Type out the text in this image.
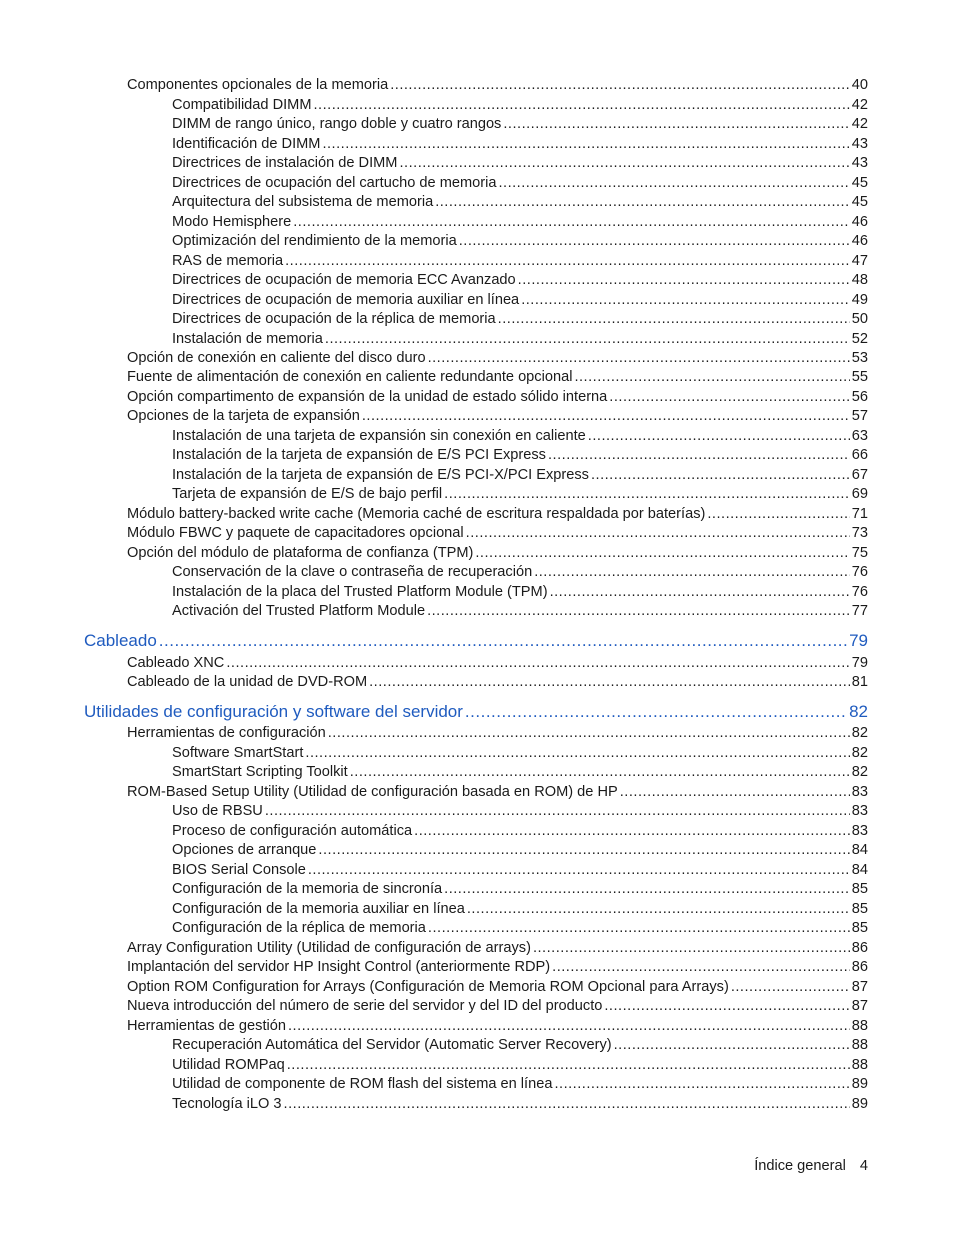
Componentes opcionales de la memoria .....	40
Compatibilidad DIMM .....	42
DIMM de rango único, rango doble y cuatro rangos .....	42
Identificación de DIMM .....	43
Directrices de instalación de DIMM .....	43
Directrices de ocupación del cartucho de memoria .....	45
Arquitectura del subsistema de memoria .....	45
Modo Hemisphere .....	46
Optimización del rendimiento de la memoria .....	46
RAS de memoria .....	47
Directrices de ocupación de memoria ECC Avanzado .....	48
Directrices de ocupación de memoria auxiliar en línea .....	49
Directrices de ocupación de la réplica de memoria .....	50
Instalación de memoria .....	52
Opción de conexión en caliente del disco duro .....	53
Fuente de alimentación de conexión en caliente redundante opcional .....	55
Opción compartimento de expansión de la unidad de estado sólido interna .....	56
Opciones de la tarjeta de expansión .....	57
Instalación de una tarjeta de expansión sin conexión en caliente .....	63
Instalación de la tarjeta de expansión de E/S PCI Express .....	66
Instalación de la tarjeta de expansión de E/S PCI-X/PCI Express .....	67
Tarjeta de expansión de E/S de bajo perfil .....	69
Módulo battery-backed write cache (Memoria caché de escritura respaldada por baterías) .....	71
Módulo FBWC y paquete de capacitadores opcional .....	73
Opción del módulo de plataforma de confianza (TPM) .....	75
Conservación de la clave o contraseña de recuperación .....	76
Instalación de la placa del Trusted Platform Module (TPM) .....	76
Activación del Trusted Platform Module .....	77
Cableado .....	79
Cableado XNC .....	79
Cableado de la unidad de DVD-ROM .....	81
Utilidades de configuración y software del servidor .....	82
Herramientas de configuración .....	82
Software SmartStart .....	82
SmartStart Scripting Toolkit .....	82
ROM-Based Setup Utility (Utilidad de configuración basada en ROM) de HP .....	83
Uso de RBSU .....	83
Proceso de configuración automática .....	83
Opciones de arranque .....	84
BIOS Serial Console .....	84
Configuración de la memoria de sincronía .....	85
Configuración de la memoria auxiliar en línea .....	85
Configuración de la réplica de memoria .....	85
Array Configuration Utility (Utilidad de configuración de arrays) .....	86
Implantación del servidor HP Insight Control (anteriormente RDP) .....	86
Option ROM Configuration for Arrays (Configuración de Memoria ROM Opcional para Arrays) .....	87
Nueva introducción del número de serie del servidor y del ID del producto .....	87
Herramientas de gestión .....	88
Recuperación Automática del Servidor (Automatic Server Recovery) .....	88
Utilidad ROMPaq .....	88
Utilidad de componente de ROM flash del sistema en línea .....	89
Tecnología iLO 3 .....	89
Índice general 4
